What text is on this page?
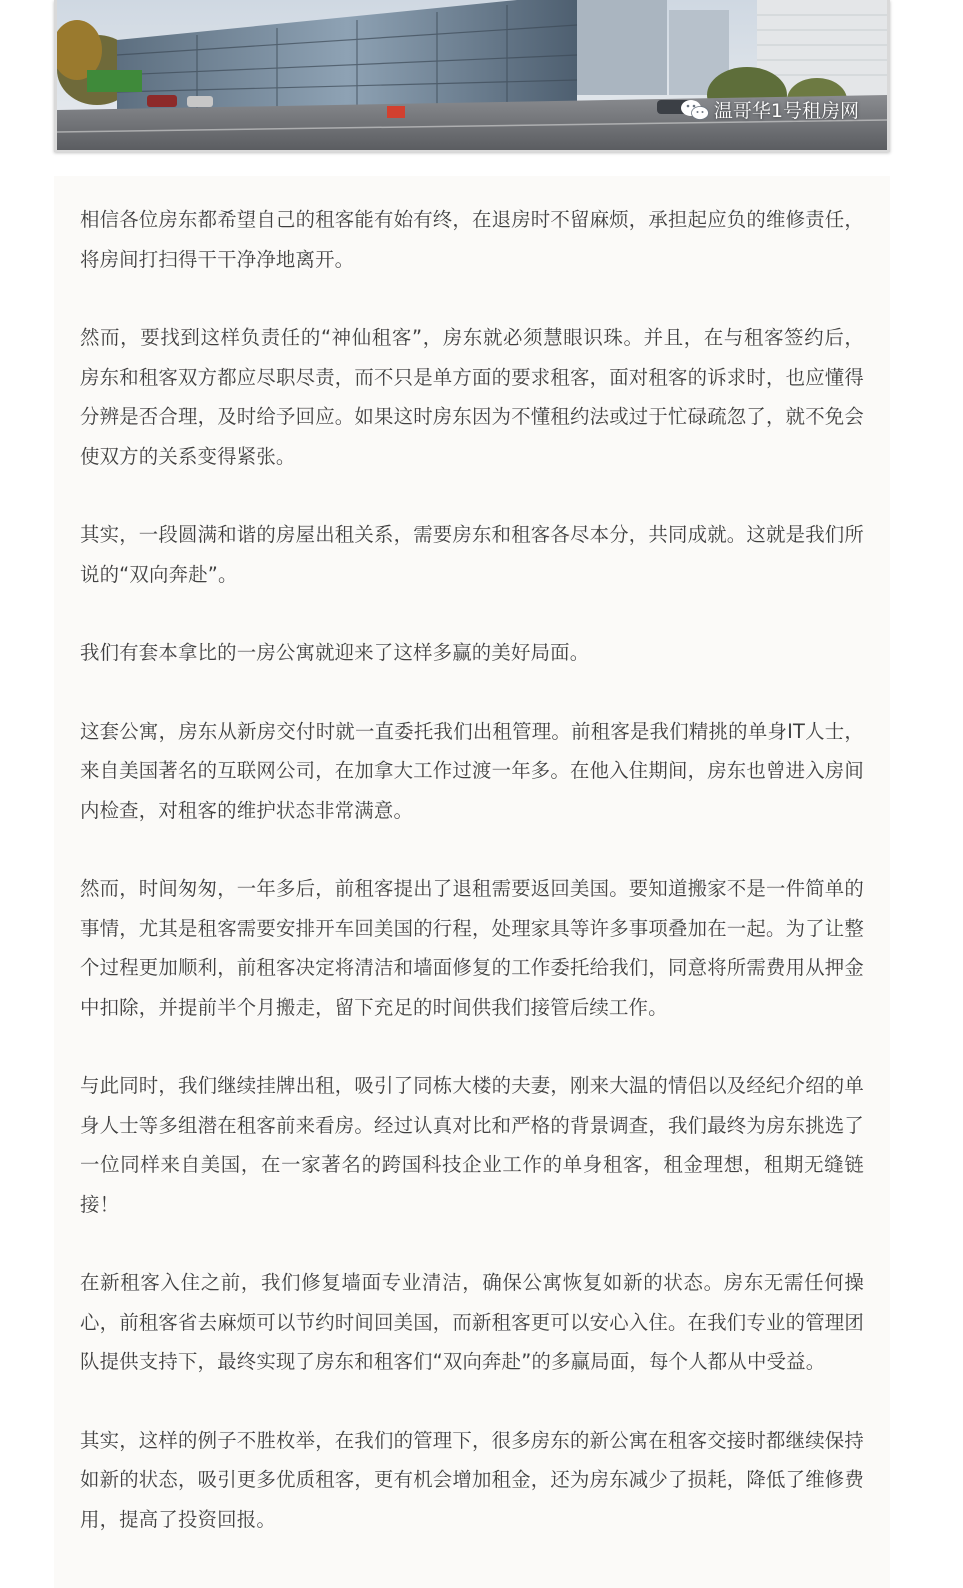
温哥华1号租房网

相信各位房东都希望自己的租客能有始有终，在退房时不留麻烦，承担起应负的维修责任，将房间打扫得干干净净地离开。

然而，要找到这样负责任的“神仙租客”，房东就必须慧眼识珠。并且，在与租客签约后，房东和租客双方都应尽职尽责，而不只是单方面的要求租客，面对租客的诉求时，也应懂得分辨是否合理，及时给予回应。如果这时房东因为不懂租约法或过于忙碌疏忽了，就不免会使双方的关系变得紧张。

其实，一段圆满和谐的房屋出租关系，需要房东和租客各尽本分，共同成就。这就是我们所说的“双向奔赴”。

我们有套本拿比的一房公寓就迎来了这样多赢的美好局面。

这套公寓，房东从新房交付时就一直委托我们出租管理。前租客是我们精挑的单身IT人士，来自美国著名的互联网公司，在加拿大工作过渡一年多。在他入住期间，房东也曾进入房间内检查，对租客的维护状态非常满意。

然而，时间匆匆，一年多后，前租客提出了退租需要返回美国。要知道搬家不是一件简单的事情，尤其是租客需要安排开车回美国的行程，处理家具等许多事项叠加在一起。为了让整个过程更加顺利，前租客决定将清洁和墙面修复的工作委托给我们，同意将所需费用从押金中扣除，并提前半个月搬走，留下充足的时间供我们接管后续工作。

与此同时，我们继续挂牌出租，吸引了同栋大楼的夫妻，刚来大温的情侣以及经纪介绍的单身人士等多组潜在租客前来看房。经过认真对比和严格的背景调查，我们最终为房东挑选了一位同样来自美国，在一家著名的跨国科技企业工作的单身租客，租金理想，租期无缝链接！

在新租客入住之前，我们修复墙面专业清洁，确保公寓恢复如新的状态。房东无需任何操心，前租客省去麻烦可以节约时间回美国，而新租客更可以安心入住。在我们专业的管理团队提供支持下，最终实现了房东和租客们“双向奔赴”的多赢局面，每个人都从中受益。

其实，这样的例子不胜枚举，在我们的管理下，很多房东的新公寓在租客交接时都继续保持如新的状态，吸引更多优质租客，更有机会增加租金，还为房东减少了损耗，降低了维修费用，提高了投资回报。
